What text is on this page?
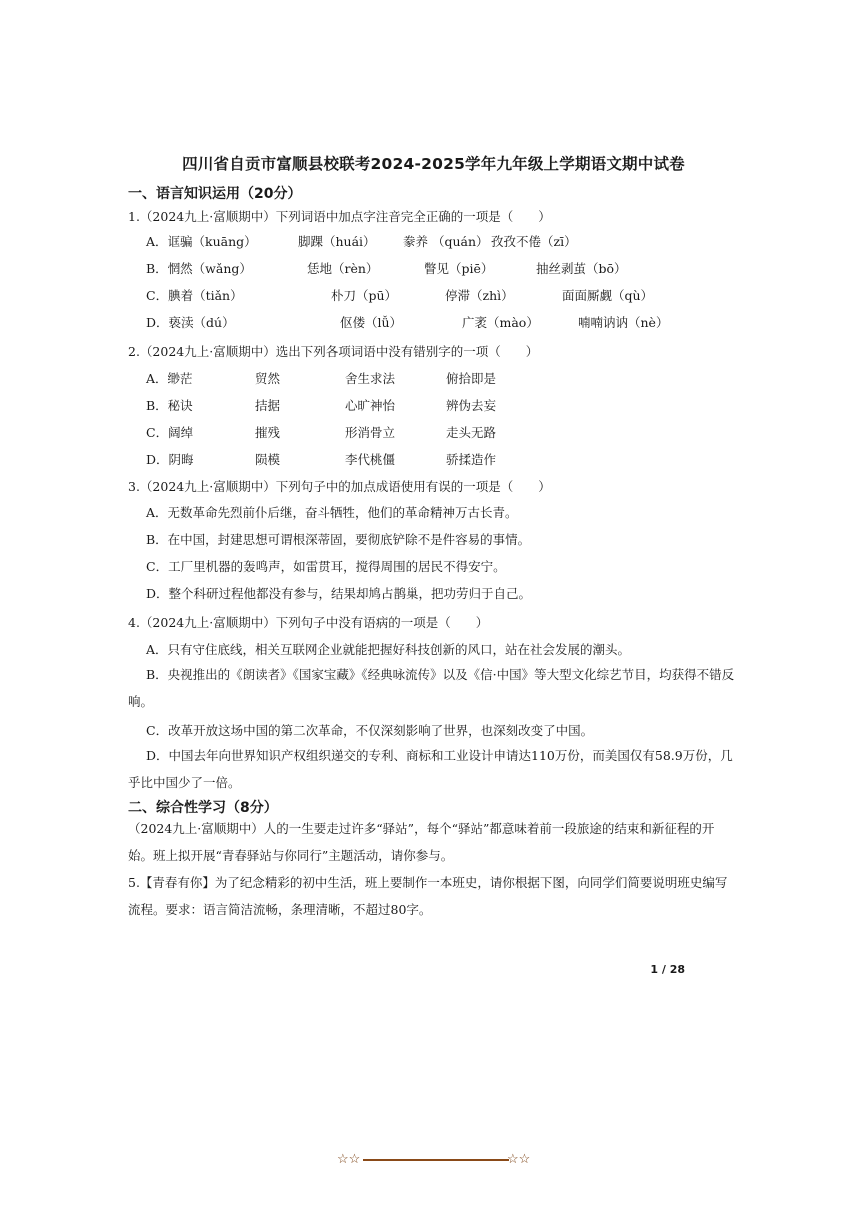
四川省自贡市富顺县校联考2024-2025学年九年级上学期语文期中试卷
一、语言知识运用（20分）
1.（2024九上·富顺期中）下列词语中加点字注音完全正确的一项是（　　）
A．诓骗（kuāng）	脚踝（huái） 豢养 （quán） 孜孜不倦（zī）
B．惘然（wǎng）	恁地（rèn）	瞥见（piē）	抽丝剥茧（bō）
C．腆着（tiǎn）	朴刀（pū）	停滞（zhì）	面面厮觑（qù）
D．亵渎（dú）	伛偻（lǚ）	广袤（mào）	喃喃讷讷（nè）
2.（2024九上·富顺期中）选出下列各项词语中没有错别字的一项（　　）
A．缈茫	贸然	舍生求法	俯拾即是
B．秘诀	拮据	心旷神怡	辨伪去妄
C．阔绰	摧残	形消骨立	走头无路
D．阴晦	陨模	李代桃僵	骄揉造作
3.（2024九上·富顺期中）下列句子中的加点成语使用有误的一项是（　　）
A．无数革命先烈前仆后继，奋斗牺牲，他们的革命精神万古长青。
B．在中国，封建思想可谓根深蒂固，要彻底铲除不是件容易的事情。
C．工厂里机器的轰鸣声，如雷贯耳，搅得周围的居民不得安宁。
D．整个科研过程他都没有参与，结果却鸠占鹊巢，把功劳归于自己。
4.（2024九上·富顺期中）下列句子中没有语病的一项是（　　）
A．只有守住底线，相关互联网企业就能把握好科技创新的风口，站在社会发展的潮头。
B．央视推出的《朗读者》《国家宝藏》《经典咏流传》以及《信·中国》等大型文化综艺节目，均获得不错反响。
C．改革开放这场中国的第二次革命，不仅深刻影响了世界，也深刻改变了中国。
D．中国去年向世界知识产权组织递交的专利、商标和工业设计申请达110万份，而美国仅有58.9万份，几乎比中国少了一倍。
二、综合性学习（8分）
（2024九上·富顺期中）人的一生要走过许多“驿站”，每个“驿站”都意味着前一段旅途的结束和新征程的开始。班上拟开展“青春驿站与你同行”主题活动，请你参与。
5.【青春有你】为了纪念精彩的初中生活，班上要制作一本班史，请你根据下图，向同学们简要说明班史编写流程。要求：语言简洁流畅，条理清晰，不超过80字。
1 / 28
☆☆	☆☆
